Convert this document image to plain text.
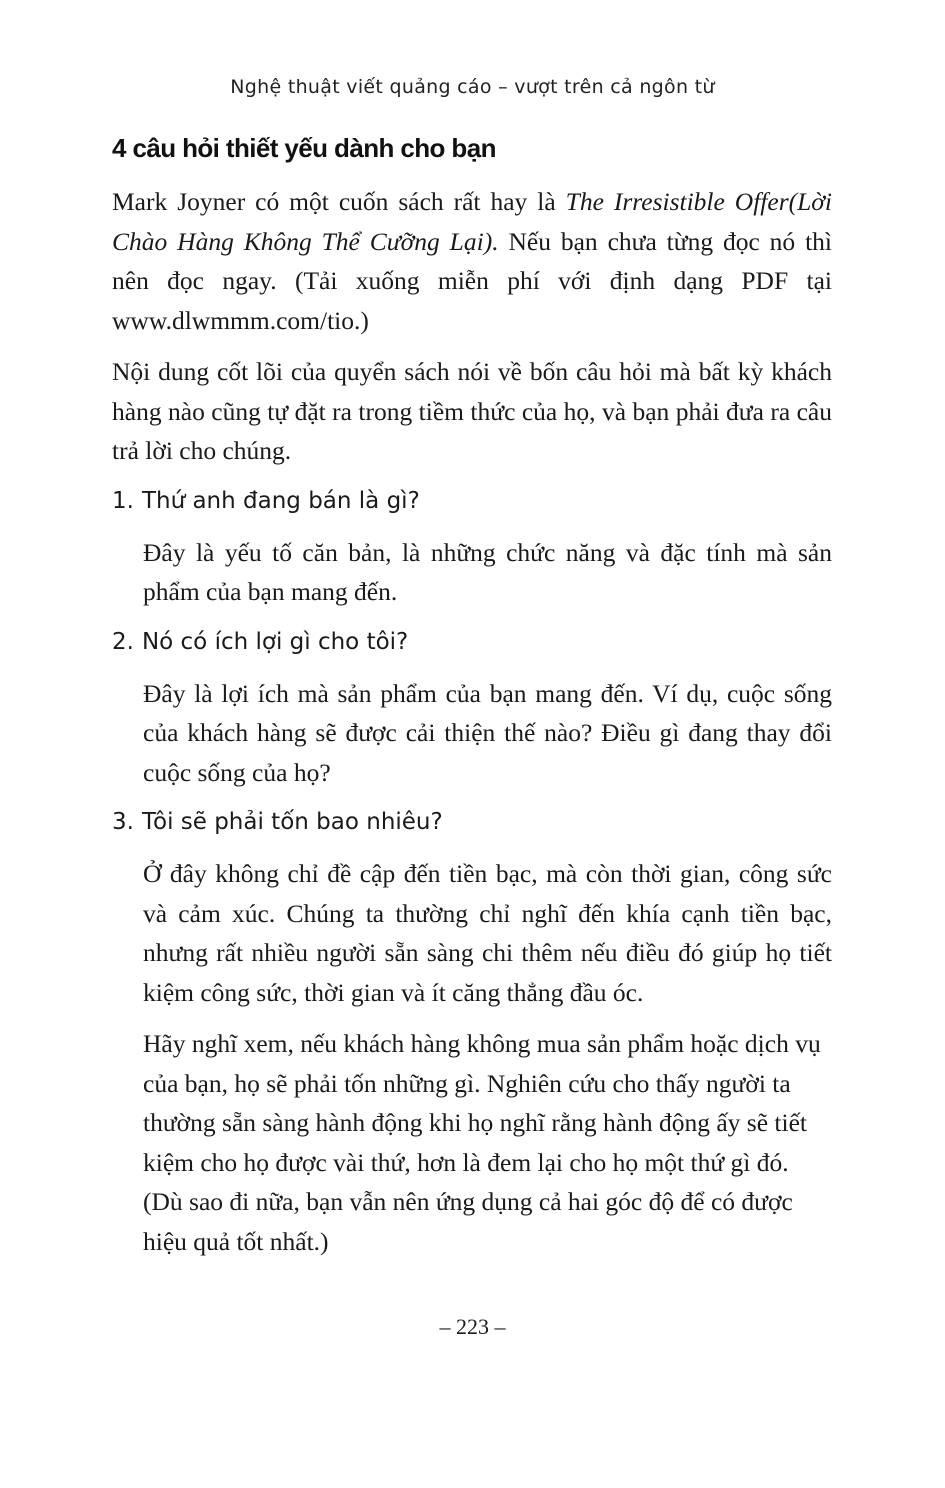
Nghệ thuật viết quảng cáo – vượt trên cả ngôn từ

4 câu hỏi thiết yếu dành cho bạn

Mark Joyner có một cuốn sách rất hay là The Irresistible Offer(Lời Chào Hàng Không Thể Cưỡng Lại). Nếu bạn chưa từng đọc nó thì nên đọc ngay. (Tải xuống miễn phí với định dạng PDF tại www.dlwmmm.com/tio.)

Nội dung cốt lõi của quyển sách nói về bốn câu hỏi mà bất kỳ khách hàng nào cũng tự đặt ra trong tiềm thức của họ, và bạn phải đưa ra câu trả lời cho chúng.

1. Thứ anh đang bán là gì?

Đây là yếu tố căn bản, là những chức năng và đặc tính mà sản phẩm của bạn mang đến.

2. Nó có ích lợi gì cho tôi?

Đây là lợi ích mà sản phẩm của bạn mang đến. Ví dụ, cuộc sống của khách hàng sẽ được cải thiện thế nào? Điều gì đang thay đổi cuộc sống của họ?

3. Tôi sẽ phải tốn bao nhiêu?

Ở đây không chỉ đề cập đến tiền bạc, mà còn thời gian, công sức và cảm xúc. Chúng ta thường chỉ nghĩ đến khía cạnh tiền bạc, nhưng rất nhiều người sẵn sàng chi thêm nếu điều đó giúp họ tiết kiệm công sức, thời gian và ít căng thẳng đầu óc.

Hãy nghĩ xem, nếu khách hàng không mua sản phẩm hoặc dịch vụ của bạn, họ sẽ phải tốn những gì. Nghiên cứu cho thấy người ta thường sẵn sàng hành động khi họ nghĩ rằng hành động ấy sẽ tiết kiệm cho họ được vài thứ, hơn là đem lại cho họ một thứ gì đó. (Dù sao đi nữa, bạn vẫn nên ứng dụng cả hai góc độ để có được hiệu quả tốt nhất.)

– 223 –
